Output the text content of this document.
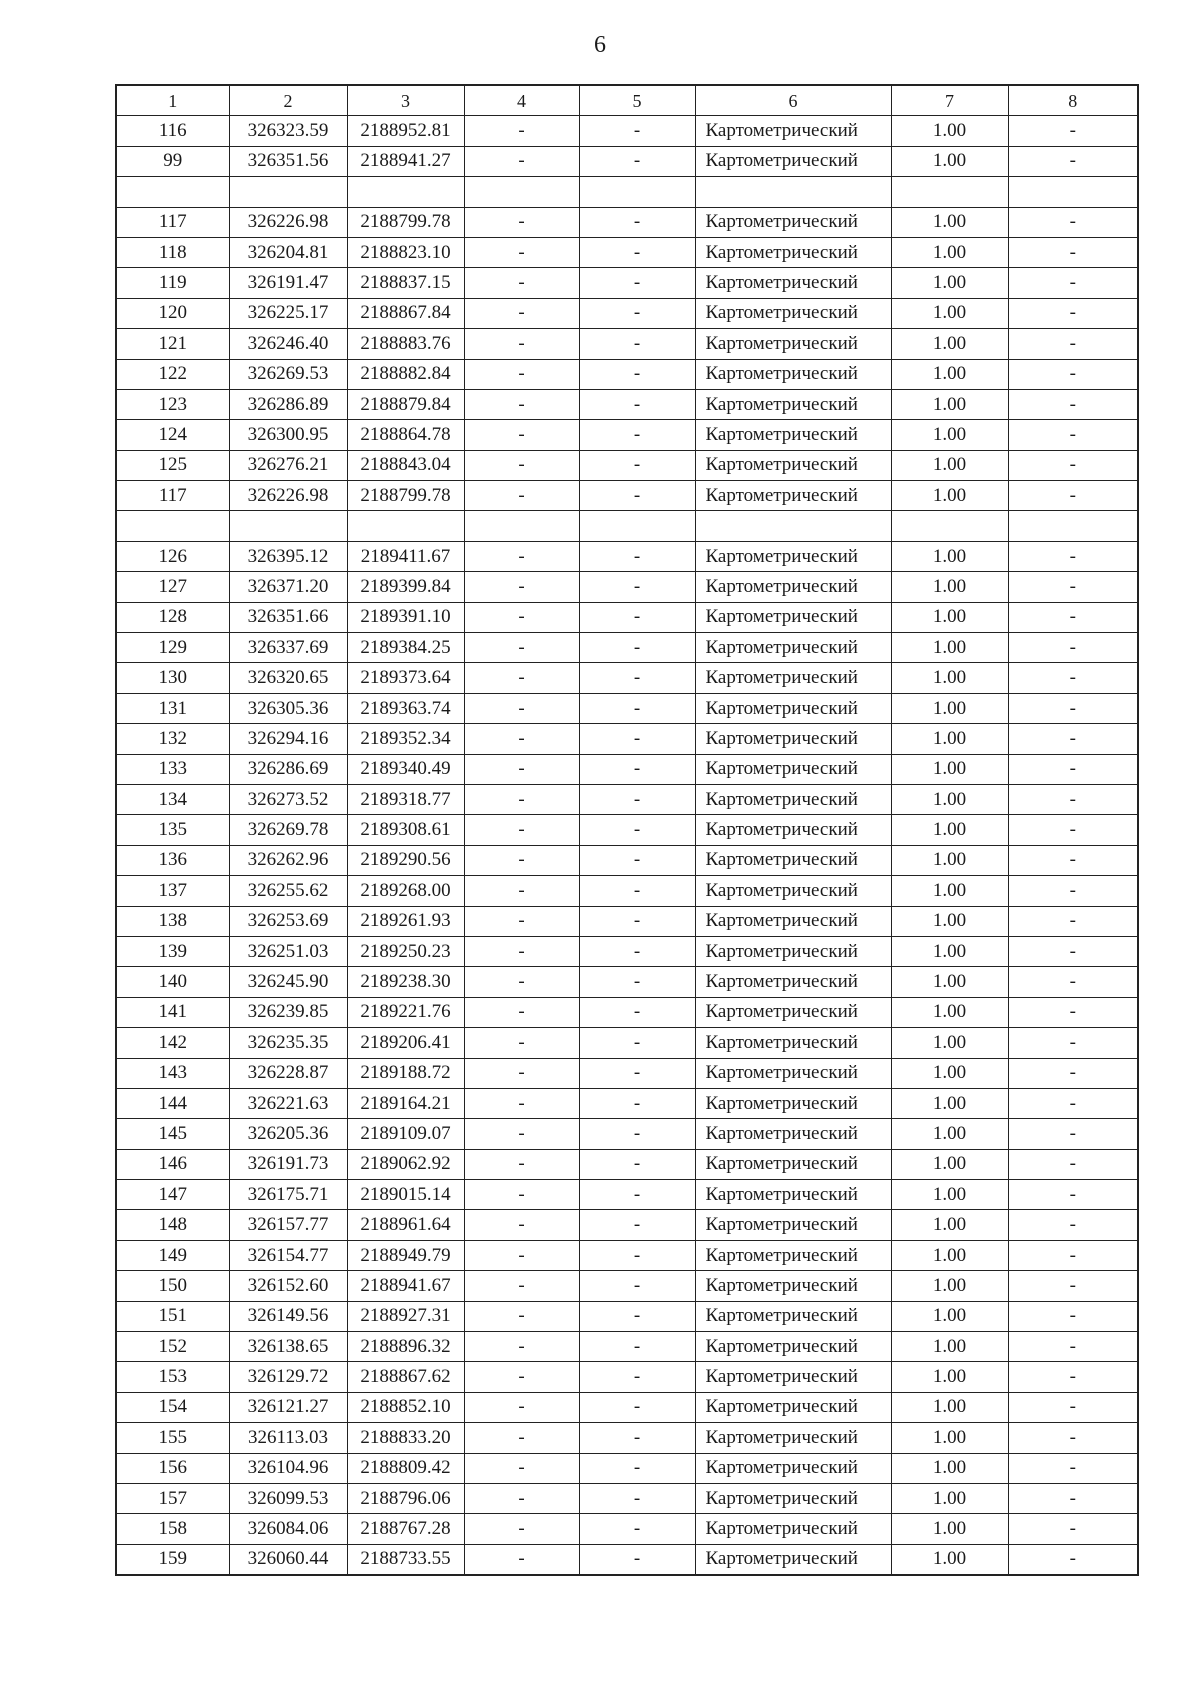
6
1	2	3	4	5	6	7	8
116	326323.59	2188952.81	-	-	Картометрический	1.00	-
99	326351.56	2188941.27	-	-	Картометрический	1.00	-

117	326226.98	2188799.78	-	-	Картометрический	1.00	-
118	326204.81	2188823.10	-	-	Картометрический	1.00	-
119	326191.47	2188837.15	-	-	Картометрический	1.00	-
120	326225.17	2188867.84	-	-	Картометрический	1.00	-
121	326246.40	2188883.76	-	-	Картометрический	1.00	-
122	326269.53	2188882.84	-	-	Картометрический	1.00	-
123	326286.89	2188879.84	-	-	Картометрический	1.00	-
124	326300.95	2188864.78	-	-	Картометрический	1.00	-
125	326276.21	2188843.04	-	-	Картометрический	1.00	-
117	326226.98	2188799.78	-	-	Картометрический	1.00	-

126	326395.12	2189411.67	-	-	Картометрический	1.00	-
127	326371.20	2189399.84	-	-	Картометрический	1.00	-
128	326351.66	2189391.10	-	-	Картометрический	1.00	-
129	326337.69	2189384.25	-	-	Картометрический	1.00	-
130	326320.65	2189373.64	-	-	Картометрический	1.00	-
131	326305.36	2189363.74	-	-	Картометрический	1.00	-
132	326294.16	2189352.34	-	-	Картометрический	1.00	-
133	326286.69	2189340.49	-	-	Картометрический	1.00	-
134	326273.52	2189318.77	-	-	Картометрический	1.00	-
135	326269.78	2189308.61	-	-	Картометрический	1.00	-
136	326262.96	2189290.56	-	-	Картометрический	1.00	-
137	326255.62	2189268.00	-	-	Картометрический	1.00	-
138	326253.69	2189261.93	-	-	Картометрический	1.00	-
139	326251.03	2189250.23	-	-	Картометрический	1.00	-
140	326245.90	2189238.30	-	-	Картометрический	1.00	-
141	326239.85	2189221.76	-	-	Картометрический	1.00	-
142	326235.35	2189206.41	-	-	Картометрический	1.00	-
143	326228.87	2189188.72	-	-	Картометрический	1.00	-
144	326221.63	2189164.21	-	-	Картометрический	1.00	-
145	326205.36	2189109.07	-	-	Картометрический	1.00	-
146	326191.73	2189062.92	-	-	Картометрический	1.00	-
147	326175.71	2189015.14	-	-	Картометрический	1.00	-
148	326157.77	2188961.64	-	-	Картометрический	1.00	-
149	326154.77	2188949.79	-	-	Картометрический	1.00	-
150	326152.60	2188941.67	-	-	Картометрический	1.00	-
151	326149.56	2188927.31	-	-	Картометрический	1.00	-
152	326138.65	2188896.32	-	-	Картометрический	1.00	-
153	326129.72	2188867.62	-	-	Картометрический	1.00	-
154	326121.27	2188852.10	-	-	Картометрический	1.00	-
155	326113.03	2188833.20	-	-	Картометрический	1.00	-
156	326104.96	2188809.42	-	-	Картометрический	1.00	-
157	326099.53	2188796.06	-	-	Картометрический	1.00	-
158	326084.06	2188767.28	-	-	Картометрический	1.00	-
159	326060.44	2188733.55	-	-	Картометрический	1.00	-
